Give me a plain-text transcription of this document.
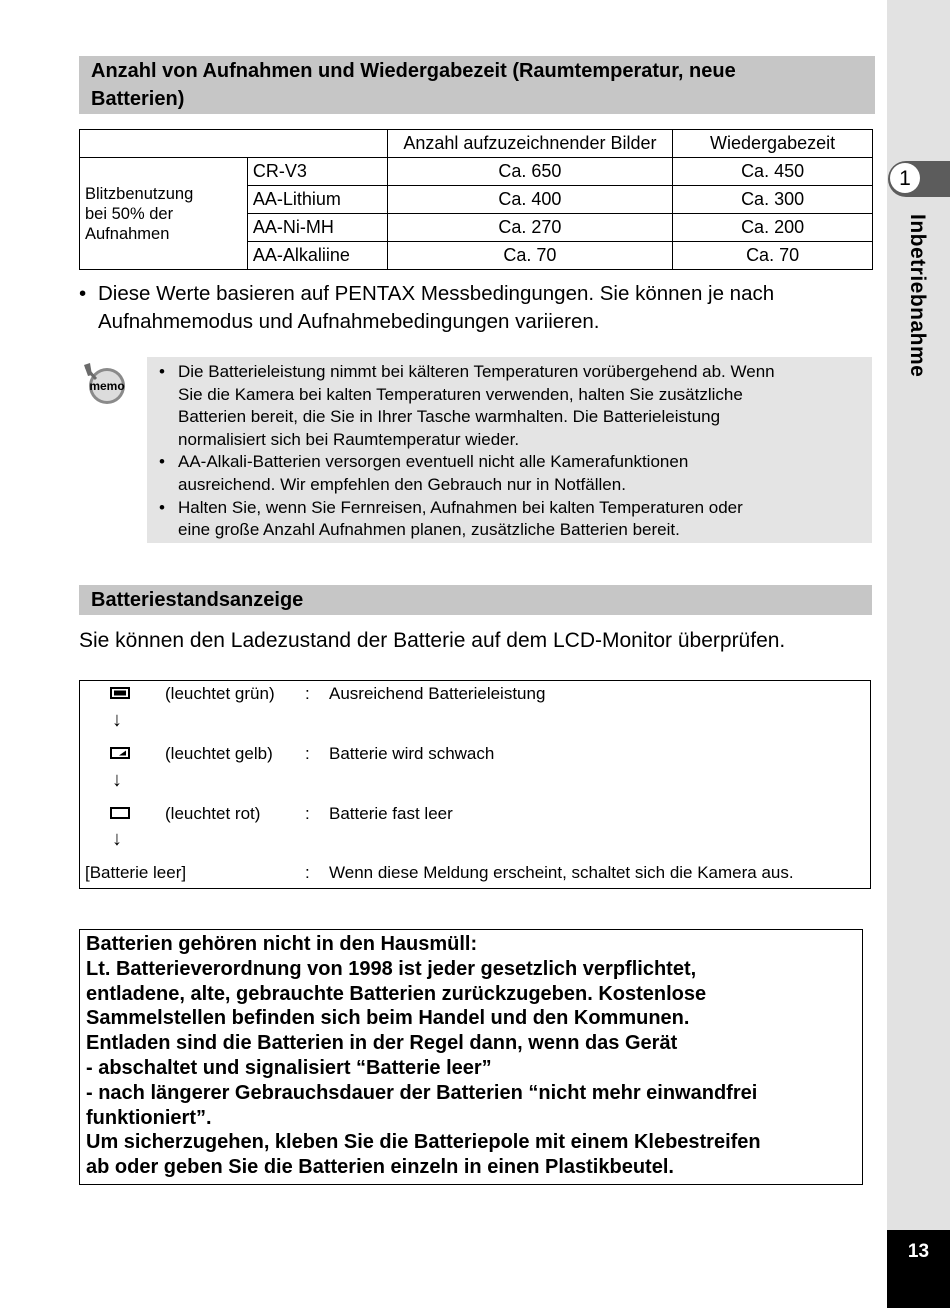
1
Inbetriebnahme
13
Anzahl von Aufnahmen und Wiedergabezeit (Raumtemperatur, neue
Batterien)
		Anzahl aufzuzeichnender Bilder	Wiedergabezeit

Blitzbenutzung
bei 50% der
Aufnahmen	CR-V3	Ca. 650	Ca. 450
	AA-Lithium	Ca. 400	Ca. 300
	AA-Ni-MH	Ca. 270	Ca. 200
	AA-Alkaliine	Ca. 70	Ca. 70
• Diese Werte basieren auf PENTAX Messbedingungen. Sie können je nach
Aufnahmemodus und Aufnahmebedingungen variieren.
memo
• Die Batterieleistung nimmt bei kälteren Temperaturen vorübergehend ab. Wenn
Sie die Kamera bei kalten Temperaturen verwenden, halten Sie zusätzliche
Batterien bereit, die Sie in Ihrer Tasche warmhalten. Die Batterieleistung
normalisiert sich bei Raumtemperatur wieder.
• AA-Alkali-Batterien versorgen eventuell nicht alle Kamerafunktionen
ausreichend. Wir empfehlen den Gebrauch nur in Notfällen.
• Halten Sie, wenn Sie Fernreisen, Aufnahmen bei kalten Temperaturen oder
eine große Anzahl Aufnahmen planen, zusätzliche Batterien bereit.
Batteriestandsanzeige
Sie können den Ladezustand der Batterie auf dem LCD-Monitor überprüfen.
(leuchtet grün) : Ausreichend Batterieleistung
↓
(leuchtet gelb) : Batterie wird schwach
↓
(leuchtet rot)	: Batterie fast leer
↓
[Batterie leer]	: Wenn diese Meldung erscheint, schaltet sich die Kamera aus.

Batterien gehören nicht in den Hausmüll:

Lt. Batterieverordnung von 1998 ist jeder gesetzlich verpflichtet,

entladene, alte, gebrauchte Batterien zurückzugeben. Kostenlose

Sammelstellen befinden sich beim Handel und den Kommunen.

Entladen sind die Batterien in der Regel dann, wenn das Gerät

- abschaltet und signalisiert “Batterie leer”

- nach längerer Gebrauchsdauer der Batterien “nicht mehr einwandfrei

funktioniert”.

Um sicherzugehen, kleben Sie die Batteriepole mit einem Klebestreifen

ab oder geben Sie die Batterien einzeln in einen Plastikbeutel.
